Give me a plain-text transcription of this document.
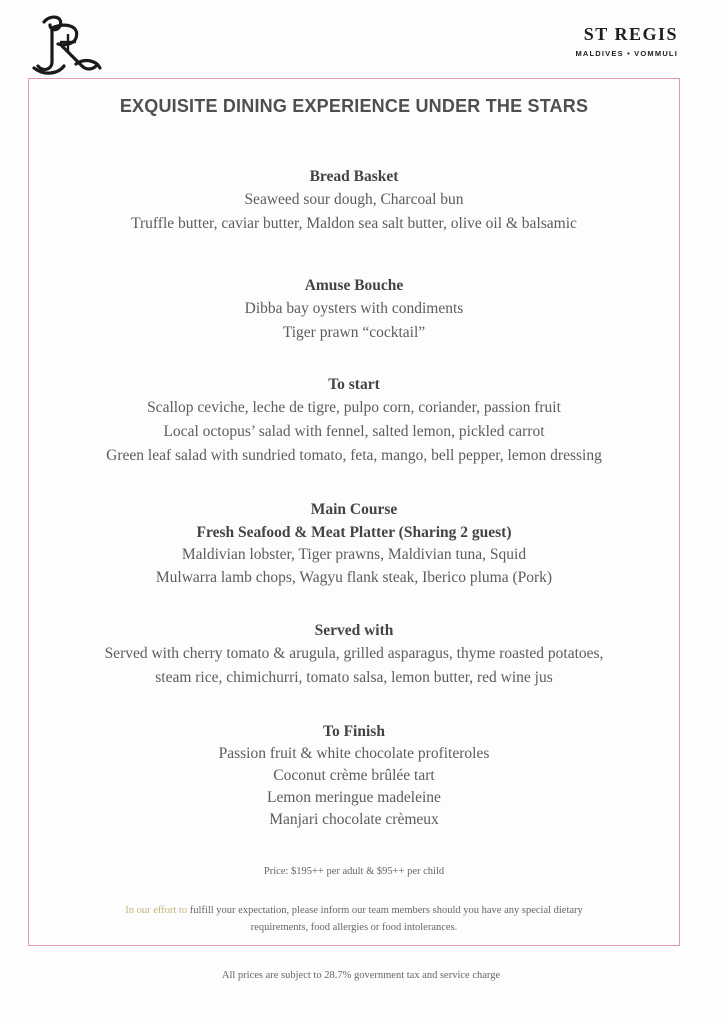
ST REGIS
MALDIVES • VOMMULI
EXQUISITE DINING EXPERIENCE UNDER THE STARS
Bread Basket
Seaweed sour dough, Charcoal bun
Truffle butter, caviar butter, Maldon sea salt butter, olive oil & balsamic
Amuse Bouche
Dibba bay oysters with condiments
Tiger prawn “cocktail”
To start
Scallop ceviche, leche de tigre, pulpo corn, coriander, passion fruit
Local octopus’ salad with fennel, salted lemon, pickled carrot
Green leaf salad with sundried tomato, feta, mango, bell pepper, lemon dressing
Main Course
Fresh Seafood & Meat Platter (Sharing 2 guest)
Maldivian lobster, Tiger prawns, Maldivian tuna, Squid
Mulwarra lamb chops, Wagyu flank steak, Iberico pluma (Pork)
Served with
Served with cherry tomato & arugula, grilled asparagus, thyme roasted potatoes,
steam rice, chimichurri, tomato salsa, lemon butter, red wine jus
To Finish
Passion fruit & white chocolate profiteroles
Coconut crème brûlée tart
Lemon meringue madeleine
Manjari chocolate crèmeux
Price: $195++ per adult & $95++ per child
In our effort to fulfill your expectation, please inform our team members should you have any special dietary
requirements, food allergies or food intolerances.
All prices are subject to 28.7% government tax and service charge
